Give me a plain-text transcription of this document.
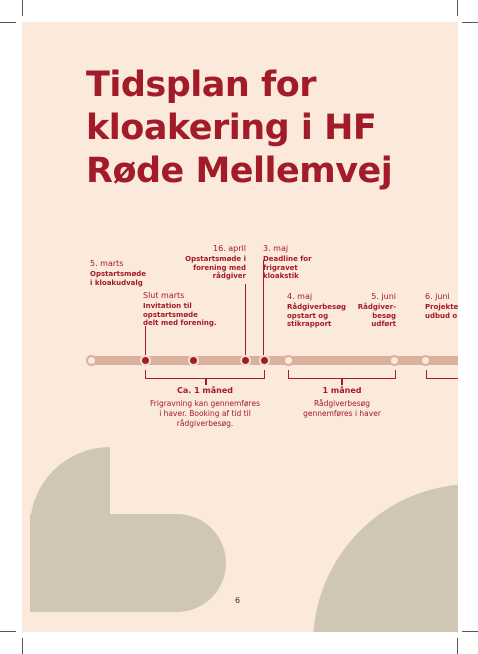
Tidsplan for
kloakering i HF
Røde Mellemvej
5. marts
Opstartsmøde
i kloakudvalg
Slut marts
Invitation til
opstartsmøde
delt med forening.
16. april
Opstartsmøde i
forening med
rådgiver
3. maj
Deadline for
frigravet
kloakstik
4. maj
Rådgiverbesøg
opstart og
stikrapport
5. juni
Rådgiver-
besøg
udført
6. juni
Projekte
udbud o
Ca. 1 måned
Frigravning kan gennemføres
i haver. Booking af tid til
rådgiverbesøg.
1 måned
Rådgiverbesøg
gennemføres i haver
6
